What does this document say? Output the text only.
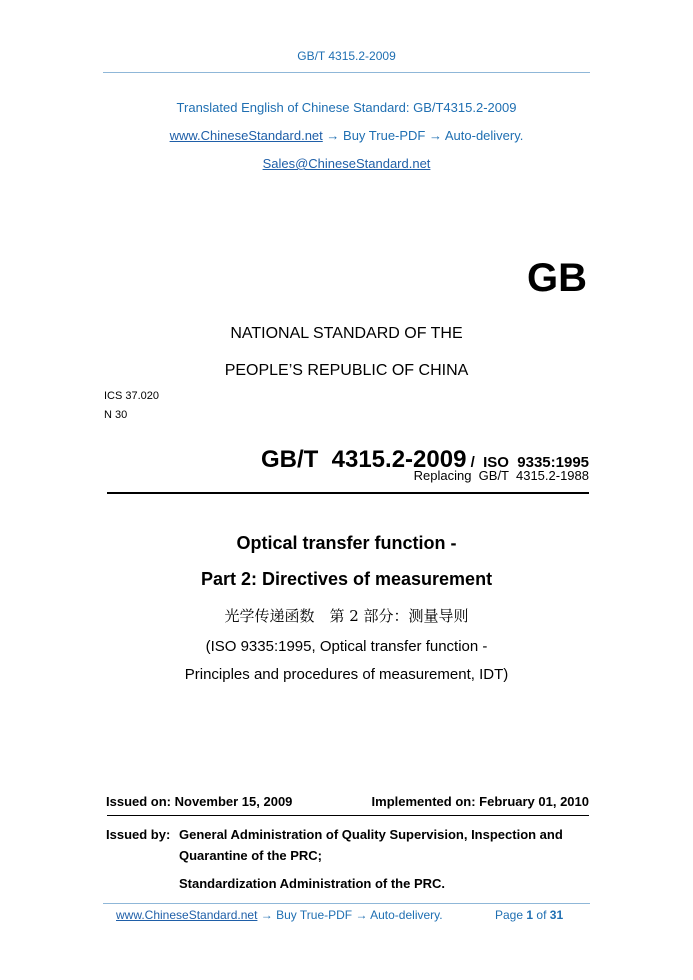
GB/T 4315.2-2009
Translated English of Chinese Standard: GB/T4315.2-2009
www.ChineseStandard.net → Buy True-PDF → Auto-delivery.
Sales@ChineseStandard.net
GB
NATIONAL STANDARD OF THE
PEOPLE’S REPUBLIC OF CHINA
ICS 37.020
N 30

GB/T  4315.2-2009 /  ISO  9335:1995

Replacing  GB/T  4315.2-1988
Optical transfer function -
Part 2: Directives of measurement
光学传递函数　第 2 部分：测量导则
(ISO 9335:1995, Optical transfer function -
Principles and procedures of measurement, IDT)
Issued on: November 15, 2009	Implemented on: February 01, 2010
Issued by: General Administration of Quality Supervision, Inspection and
Quarantine of the PRC;
Standardization Administration of the PRC.
www.ChineseStandard.net → Buy True-PDF → Auto-delivery.	Page 1 of 31
